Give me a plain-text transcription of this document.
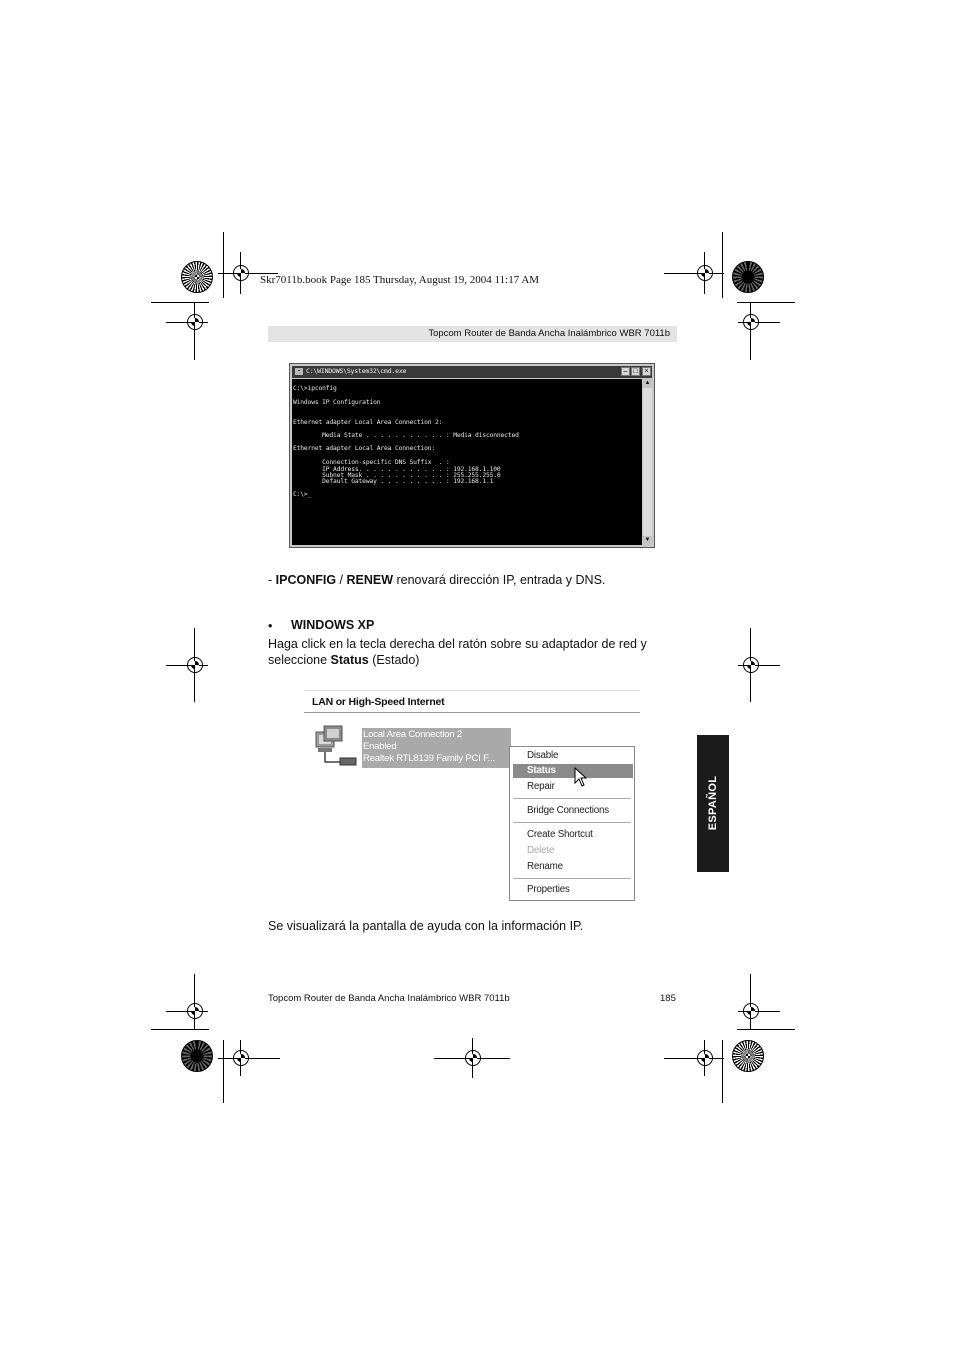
Skr7011b.book Page 185 Thursday, August 19, 2004 11:17 AM
Topcom Router de Banda Ancha Inalámbrico WBR 7011b
▪ C:\WINDOWS\System32\cmd.exe	– □ ×
C:\>ipconfig
Windows IP Configuration
Ethernet adapter Local Area Connection 2:
Media State . . . . . . . . . . . : Media disconnected
Ethernet adapter Local Area Connection:
Connection-specific DNS Suffix  . :
IP Address. . . . . . . . . . . . : 192.168.1.100
Subnet Mask . . . . . . . . . . . : 255.255.255.0
Default Gateway . . . . . . . . . : 192.168.1.1
C:\>_
▲
▼
- IPCONFIG / RENEW renovará dirección IP, entrada y DNS.
• WINDOWS XP
Haga click en la tecla derecha del ratón sobre su adaptador de red y
seleccione Status (Estado)
LAN or High-Speed Internet
Local Area Connection 2
Enabled
Realtek RTL8139 Family PCI F...	Disable
Status
Repair
Bridge Connections
Create Shortcut
Delete
Rename
Properties
Se visualizará la pantalla de ayuda con la información IP.
ESPAÑOL
Topcom Router de Banda Ancha Inalámbrico WBR 7011b	185
